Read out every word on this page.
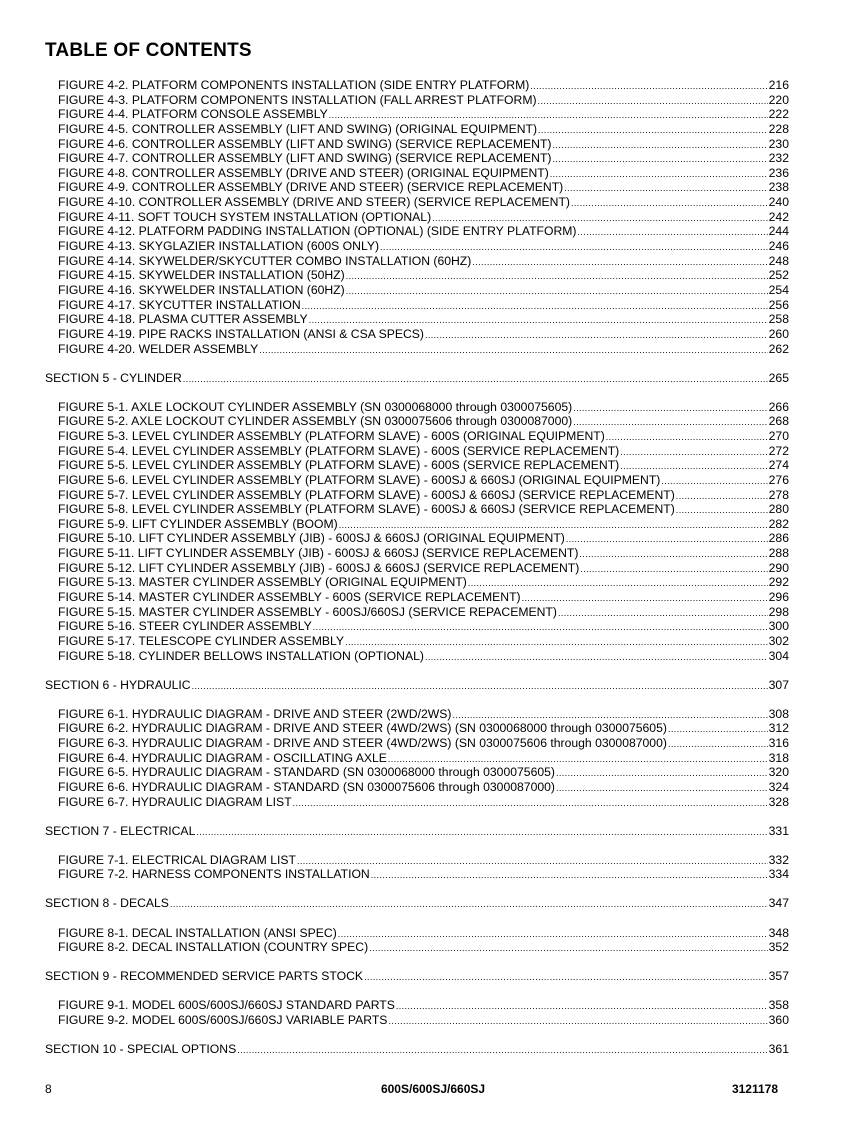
TABLE OF CONTENTS
FIGURE 4-2. PLATFORM COMPONENTS INSTALLATION (SIDE ENTRY PLATFORM) .....	216
FIGURE 4-3. PLATFORM COMPONENTS INSTALLATION (FALL ARREST PLATFORM) .....	220
FIGURE 4-4. PLATFORM CONSOLE ASSEMBLY .....	222
FIGURE 4-5. CONTROLLER ASSEMBLY (LIFT AND SWING) (ORIGINAL EQUIPMENT) .....	228
FIGURE 4-6. CONTROLLER ASSEMBLY (LIFT AND SWING) (SERVICE REPLACEMENT) .....	230
FIGURE 4-7. CONTROLLER ASSEMBLY (LIFT AND SWING) (SERVICE REPLACEMENT) .....	232
FIGURE 4-8. CONTROLLER ASSEMBLY (DRIVE AND STEER) (ORIGINAL EQUIPMENT) .....	236
FIGURE 4-9. CONTROLLER ASSEMBLY (DRIVE AND STEER) (SERVICE REPLACEMENT) .....	238
FIGURE 4-10. CONTROLLER ASSEMBLY (DRIVE AND STEER) (SERVICE REPLACEMENT) .....	240
FIGURE 4-11. SOFT TOUCH SYSTEM INSTALLATION (OPTIONAL) .....	242
FIGURE 4-12. PLATFORM PADDING INSTALLATION (OPTIONAL) (SIDE ENTRY PLATFORM) .....	244
FIGURE 4-13. SKYGLAZIER INSTALLATION (600S ONLY) .....	246
FIGURE 4-14. SKYWELDER/SKYCUTTER COMBO INSTALLATION (60HZ) .....	248
FIGURE 4-15. SKYWELDER INSTALLATION (50HZ) .....	252
FIGURE 4-16. SKYWELDER INSTALLATION (60HZ) .....	254
FIGURE 4-17. SKYCUTTER INSTALLATION .....	256
FIGURE 4-18. PLASMA CUTTER ASSEMBLY .....	258
FIGURE 4-19. PIPE RACKS INSTALLATION (ANSI & CSA SPECS) .....	260
FIGURE 4-20. WELDER ASSEMBLY .....	262
SECTION 5 - CYLINDER .....	265
FIGURE 5-1. AXLE LOCKOUT CYLINDER ASSEMBLY (SN 0300068000 through 0300075605) .....	266
FIGURE 5-2. AXLE LOCKOUT CYLINDER ASSEMBLY (SN 0300075606 through 0300087000) .....	268
FIGURE 5-3. LEVEL CYLINDER ASSEMBLY (PLATFORM SLAVE) - 600S (ORIGINAL EQUIPMENT) .....	270
FIGURE 5-4. LEVEL CYLINDER ASSEMBLY (PLATFORM SLAVE) - 600S (SERVICE REPLACEMENT) .....	272
FIGURE 5-5. LEVEL CYLINDER ASSEMBLY (PLATFORM SLAVE) - 600S (SERVICE REPLACEMENT) .....	274
FIGURE 5-6. LEVEL CYLINDER ASSEMBLY (PLATFORM SLAVE) - 600SJ & 660SJ (ORIGINAL EQUIPMENT) .....	276
FIGURE 5-7. LEVEL CYLINDER ASSEMBLY (PLATFORM SLAVE) - 600SJ & 660SJ (SERVICE REPLACEMENT) .....	278
FIGURE 5-8. LEVEL CYLINDER ASSEMBLY (PLATFORM SLAVE) - 600SJ & 660SJ (SERVICE REPLACEMENT) .....	280
FIGURE 5-9. LIFT CYLINDER ASSEMBLY (BOOM) .....	282
FIGURE 5-10. LIFT CYLINDER ASSEMBLY (JIB) - 600SJ & 660SJ (ORIGINAL EQUIPMENT) .....	286
FIGURE 5-11. LIFT CYLINDER ASSEMBLY (JIB) - 600SJ & 660SJ (SERVICE REPLACEMENT) .....	288
FIGURE 5-12. LIFT CYLINDER ASSEMBLY (JIB) - 600SJ & 660SJ (SERVICE REPLACEMENT) .....	290
FIGURE 5-13. MASTER CYLINDER ASSEMBLY (ORIGINAL EQUIPMENT) .....	292
FIGURE 5-14. MASTER CYLINDER ASSEMBLY - 600S (SERVICE REPLACEMENT) .....	296
FIGURE 5-15. MASTER CYLINDER ASSEMBLY - 600SJ/660SJ (SERVICE REPACEMENT) .....	298
FIGURE 5-16. STEER CYLINDER ASSEMBLY .....	300
FIGURE 5-17. TELESCOPE CYLINDER ASSEMBLY .....	302
FIGURE 5-18. CYLINDER BELLOWS INSTALLATION (OPTIONAL) .....	304
SECTION 6 - HYDRAULIC .....	307
FIGURE 6-1. HYDRAULIC DIAGRAM - DRIVE AND STEER (2WD/2WS) .....	308
FIGURE 6-2. HYDRAULIC DIAGRAM - DRIVE AND STEER (4WD/2WS) (SN 0300068000 through 0300075605) .....	312
FIGURE 6-3. HYDRAULIC DIAGRAM - DRIVE AND STEER (4WD/2WS) (SN 0300075606 through 0300087000) .....	316
FIGURE 6-4. HYDRAULIC DIAGRAM - OSCILLATING AXLE .....	318
FIGURE 6-5. HYDRAULIC DIAGRAM - STANDARD (SN 0300068000 through 0300075605) .....	320
FIGURE 6-6. HYDRAULIC DIAGRAM - STANDARD (SN 0300075606 through 0300087000) .....	324
FIGURE 6-7. HYDRAULIC DIAGRAM LIST .....	328
SECTION 7 - ELECTRICAL .....	331
FIGURE 7-1. ELECTRICAL DIAGRAM LIST .....	332
FIGURE 7-2. HARNESS COMPONENTS INSTALLATION .....	334
SECTION 8 - DECALS .....	347
FIGURE 8-1. DECAL INSTALLATION (ANSI SPEC) .....	348
FIGURE 8-2. DECAL INSTALLATION (COUNTRY SPEC) .....	352
SECTION 9 - RECOMMENDED SERVICE PARTS STOCK .....	357
FIGURE 9-1. MODEL 600S/600SJ/660SJ STANDARD PARTS .....	358
FIGURE 9-2. MODEL 600S/600SJ/660SJ VARIABLE PARTS .....	360
SECTION 10 - SPECIAL OPTIONS .....	361
8	600S/600SJ/660SJ	3121178
